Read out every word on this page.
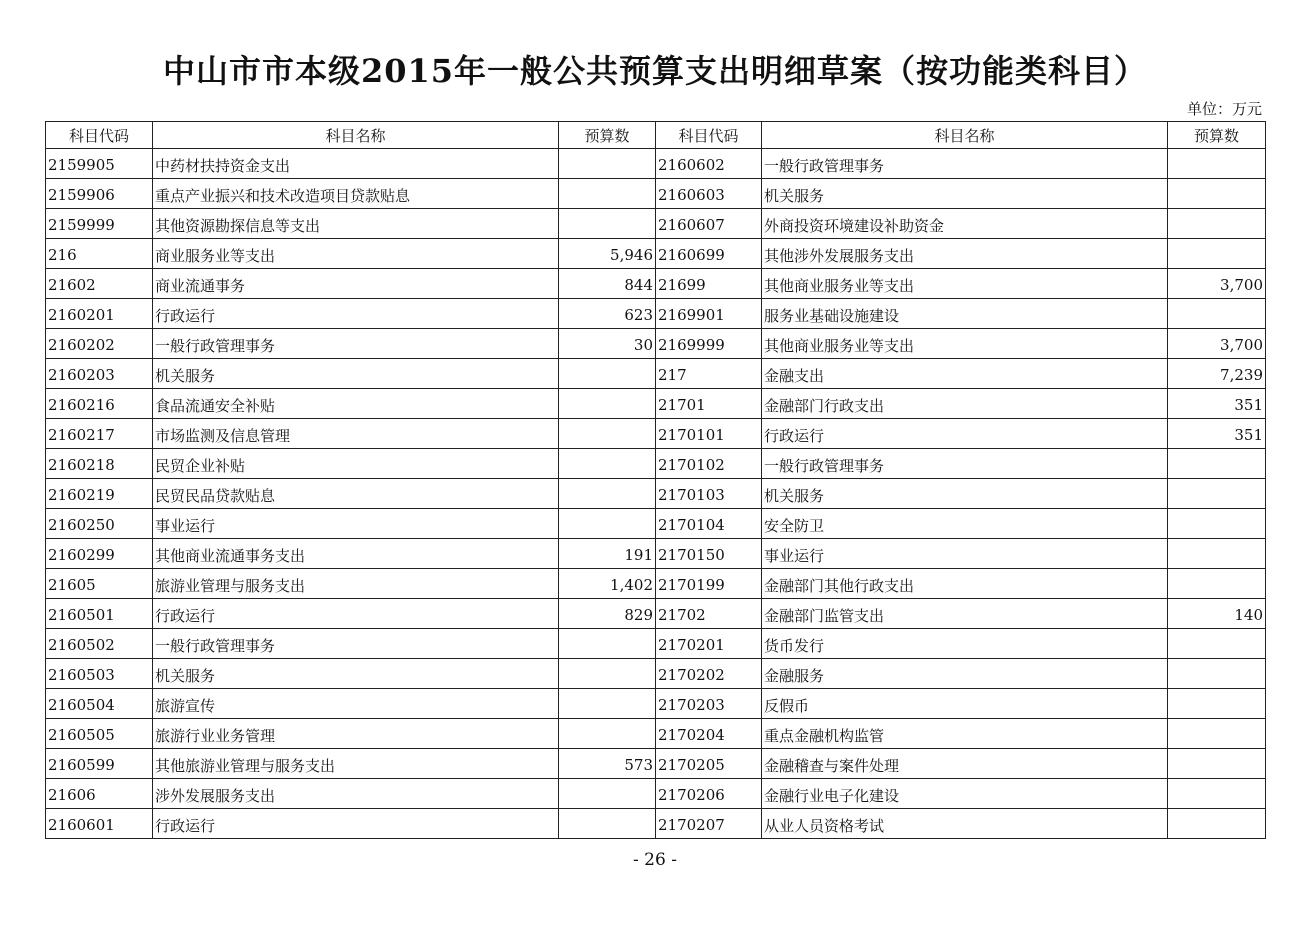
中山市市本级2015年一般公共预算支出明细草案（按功能类科目）
单位：万元
科目代码	科目名称	预算数	科目代码	科目名称	预算数
2159905	中药材扶持资金支出		2160602	一般行政管理事务	
2159906	重点产业振兴和技术改造项目贷款贴息		2160603	机关服务	
2159999	其他资源勘探信息等支出		2160607	外商投资环境建设补助资金	
216	商业服务业等支出	5,946	2160699	其他涉外发展服务支出	
21602	商业流通事务	844	21699	其他商业服务业等支出	3,700
2160201	行政运行	623	2169901	服务业基础设施建设	
2160202	一般行政管理事务	30	2169999	其他商业服务业等支出	3,700
2160203	机关服务		217	金融支出	7,239
2160216	食品流通安全补贴		21701	金融部门行政支出	351
2160217	市场监测及信息管理		2170101	行政运行	351
2160218	民贸企业补贴		2170102	一般行政管理事务	
2160219	民贸民品贷款贴息		2170103	机关服务	
2160250	事业运行		2170104	安全防卫	
2160299	其他商业流通事务支出	191	2170150	事业运行	
21605	旅游业管理与服务支出	1,402	2170199	金融部门其他行政支出	
2160501	行政运行	829	21702	金融部门监管支出	140
2160502	一般行政管理事务		2170201	货币发行	
2160503	机关服务		2170202	金融服务	
2160504	旅游宣传		2170203	反假币	
2160505	旅游行业业务管理		2170204	重点金融机构监管	
2160599	其他旅游业管理与服务支出	573	2170205	金融稽查与案件处理	
21606	涉外发展服务支出		2170206	金融行业电子化建设	
2160601	行政运行		2170207	从业人员资格考试	
- 26 -
